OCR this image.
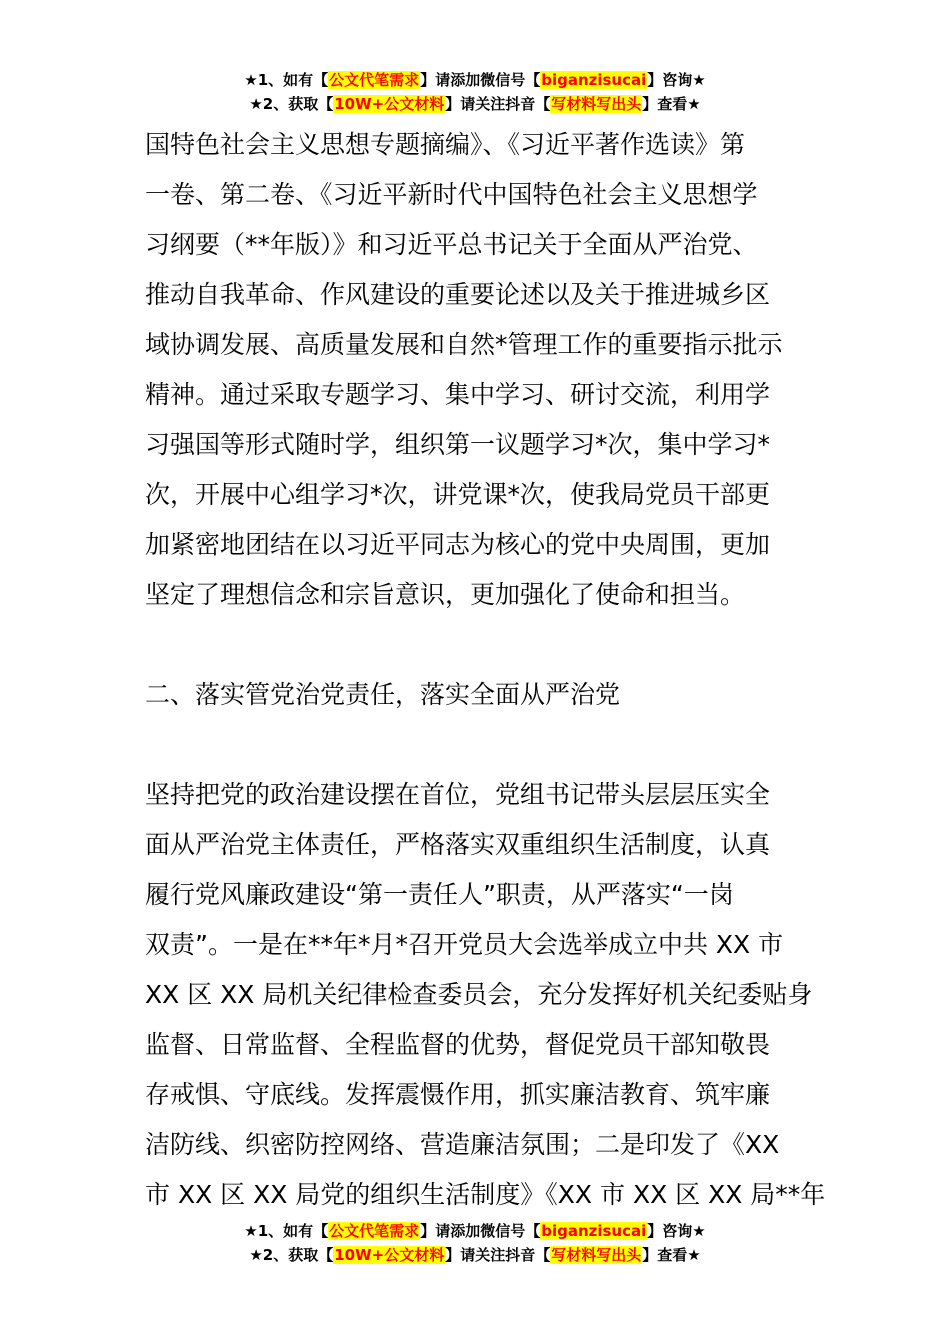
★1、如有【公文代笔需求】请添加微信号【biganzisucai】咨询★
★2、获取【10W+公文材料】请关注抖音【写材料写出头】查看★
国特色社会主义思想专题摘编》、《习近平著作选读》第
一卷、第二卷、《习近平新时代中国特色社会主义思想学
习纲要（**年版）》和习近平总书记关于全面从严治党、
推动自我革命、作风建设的重要论述以及关于推进城乡区
域协调发展、高质量发展和自然*管理工作的重要指示批示
精神。通过采取专题学习、集中学习、研讨交流，利用学
习强国等形式随时学，组织第一议题学习*次，集中学习*
次，开展中心组学习*次，讲党课*次，使我局党员干部更
加紧密地团结在以习近平同志为核心的党中央周围，更加
坚定了理想信念和宗旨意识，更加强化了使命和担当。
二、落实管党治党责任，落实全面从严治党
坚持把党的政治建设摆在首位，党组书记带头层层压实全
面从严治党主体责任，严格落实双重组织生活制度，认真
履行党风廉政建设“第一责任人”职责，从严落实“一岗
双责”。一是在**年*月*召开党员大会选举成立中共 XX 市
XX 区 XX 局机关纪律检查委员会，充分发挥好机关纪委贴身
监督、日常监督、全程监督的优势，督促党员干部知敬畏
存戒惧、守底线。发挥震慑作用，抓实廉洁教育、筑牢廉
洁防线、织密防控网络、营造廉洁氛围；二是印发了《XX
市 XX 区 XX 局党的组织生活制度》《XX 市 XX 区 XX 局**年
★1、如有【公文代笔需求】请添加微信号【biganzisucai】咨询★
★2、获取【10W+公文材料】请关注抖音【写材料写出头】查看★
